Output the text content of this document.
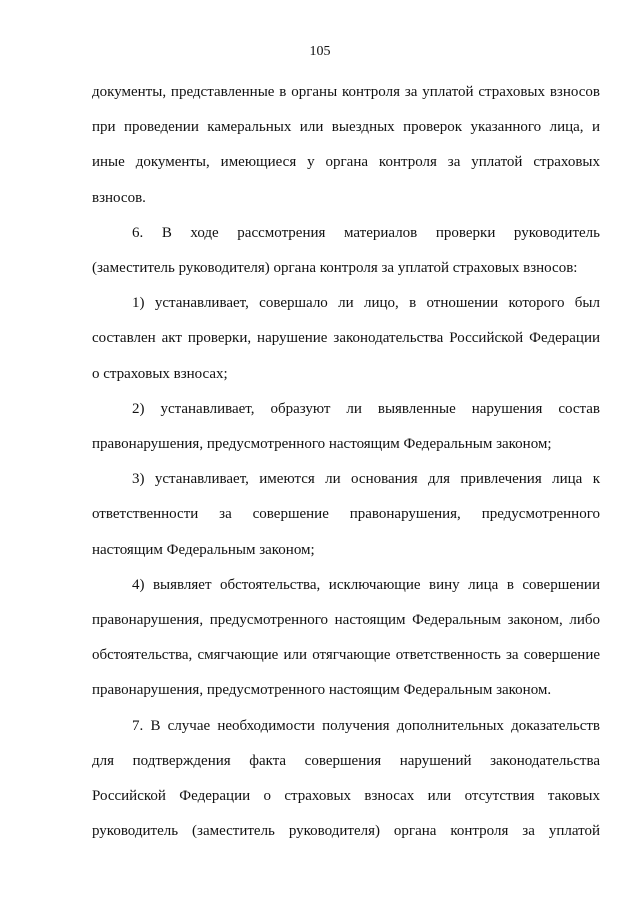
105
документы, представленные в органы контроля за уплатой страховых взносов
при проведении камеральных или выездных проверок указанного лица, и
иные документы, имеющиеся у органа контроля за уплатой страховых
взносов.
6. В ходе рассмотрения материалов проверки руководитель
(заместитель руководителя) органа контроля за уплатой страховых взносов:
1) устанавливает, совершало ли лицо, в отношении которого был
составлен акт проверки, нарушение законодательства Российской Федерации
о страховых взносах;
2) устанавливает, образуют ли выявленные нарушения состав
правонарушения, предусмотренного настоящим Федеральным законом;
3) устанавливает, имеются ли основания для привлечения лица к
ответственности за совершение правонарушения, предусмотренного
настоящим Федеральным законом;
4) выявляет обстоятельства, исключающие вину лица в совершении
правонарушения, предусмотренного настоящим Федеральным законом, либо
обстоятельства, смягчающие или отягчающие ответственность за совершение
правонарушения, предусмотренного настоящим Федеральным законом.
7. В случае необходимости получения дополнительных доказательств
для подтверждения факта совершения нарушений законодательства
Российской Федерации о страховых взносах или отсутствия таковых
руководитель (заместитель руководителя) органа контроля за уплатой
